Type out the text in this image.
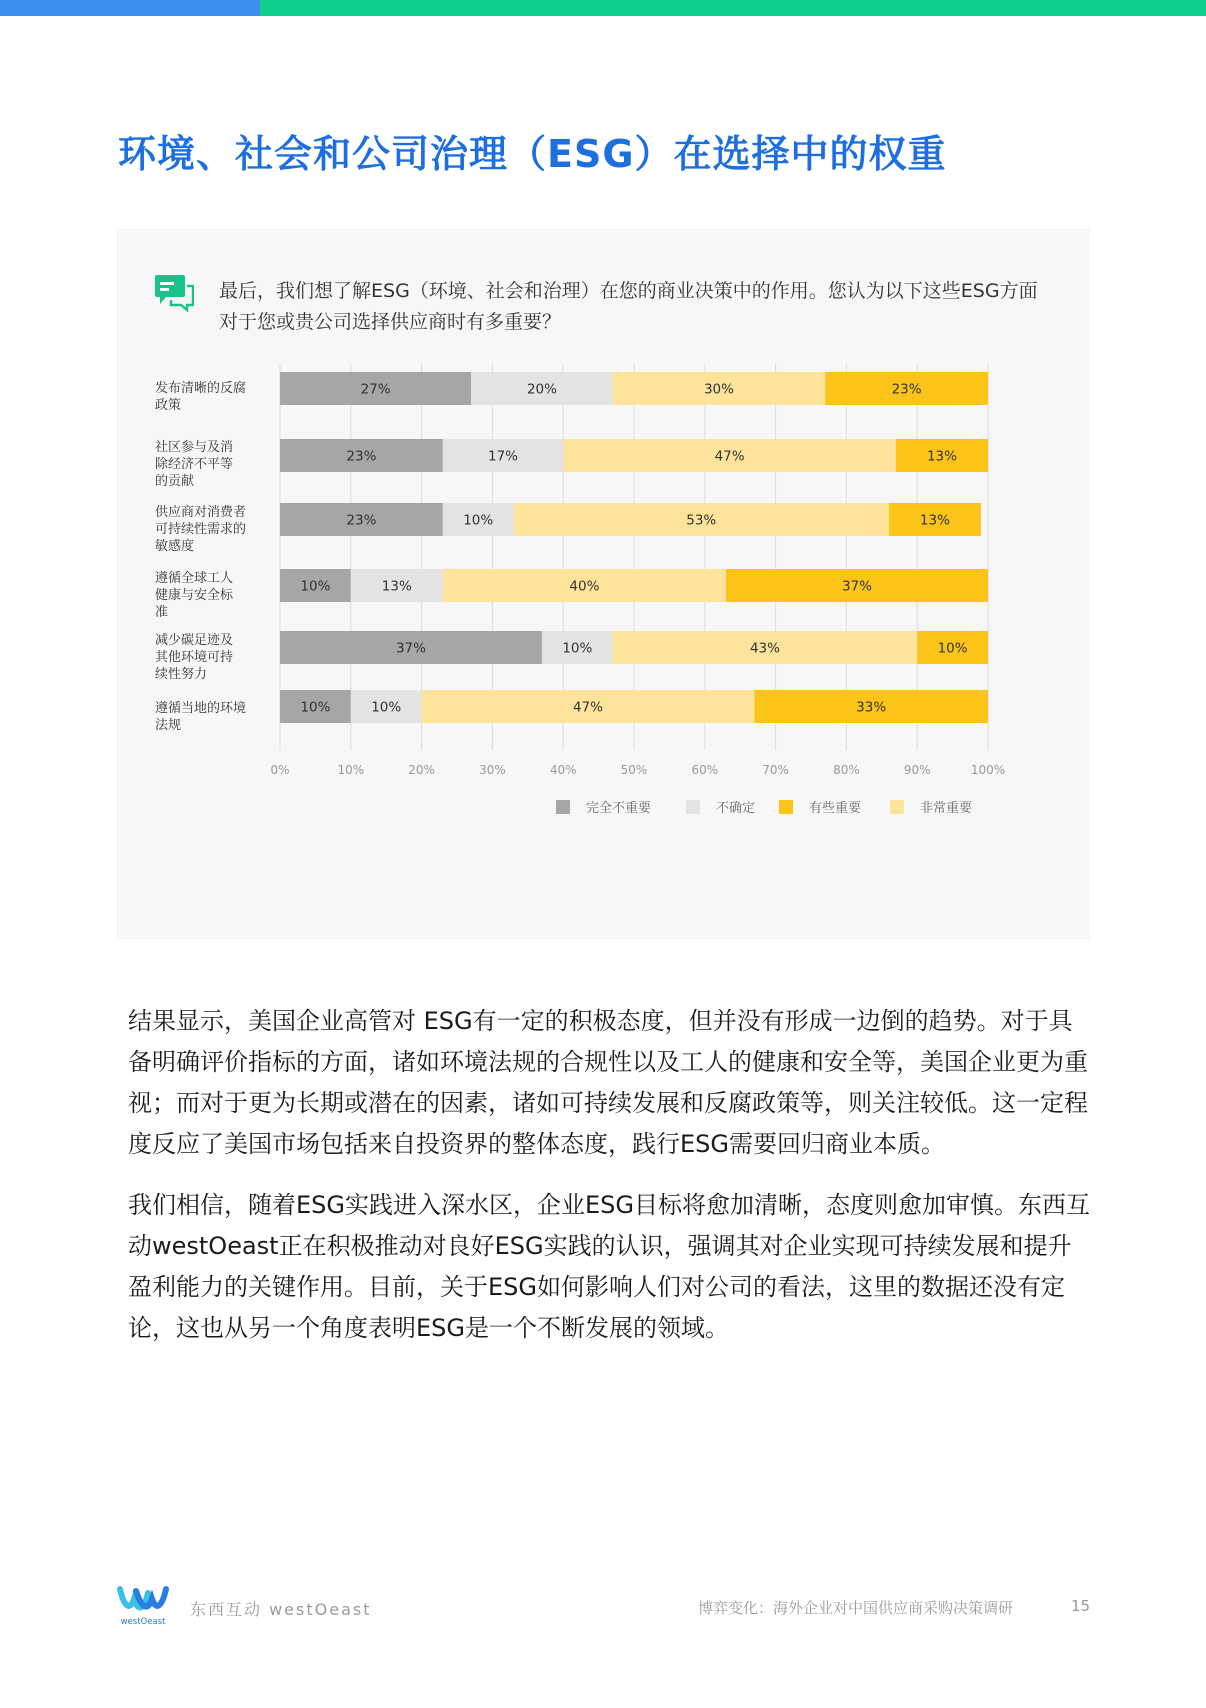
环境、社会和公司治理（ESG）在选择中的权重
最后，我们想了解ESG（环境、社会和治理）在您的商业决策中的作用。您认为以下这些ESG方面对于您或贵公司选择供应商时有多重要？
0%	10%	20%	30%	40%	50%	60%	70%	80%	90%	100%
27%	20%	30%	23%
发布清晰的反腐政策
23%	17%	47%	13%
社区参与及消除经济不平等的贡献
23%	10%	53%	13%
供应商对消费者可持续性需求的敏感度
10%	13%	40%	37%
遵循全球工人健康与安全标准
37%	10%	43%	10%
减少碳足迹及其他环境可持续性努力
10%	10%	47%	33%
遵循当地的环境法规
完全不重要	不确定	有些重要	非常重要

结果显示，美国企业高管对 ESG有一定的积极态度，但并没有形成一边倒的趋势。对于具备明确评价指标的方面，诸如环境法规的合规性以及工人的健康和安全等，美国企业更为重视；而对于更为长期或潜在的因素，诸如可持续发展和反腐政策等，则关注较低。这一定程度反应了美国市场包括来自投资界的整体态度，践行ESG需要回归商业本质。

我们相信，随着ESG实践进入深水区，企业ESG目标将愈加清晰，态度则愈加审慎。东西互动westOeast正在积极推动对良好ESG实践的认识，强调其对企业实现可持续发展和提升盈利能力的关键作用。目前，关于ESG如何影响人们对公司的看法，这里的数据还没有定论，这也从另一个角度表明ESG是一个不断发展的领域。

westOeast
东西互动 westOeast	博弈变化：海外企业对中国供应商采购决策调研	15
